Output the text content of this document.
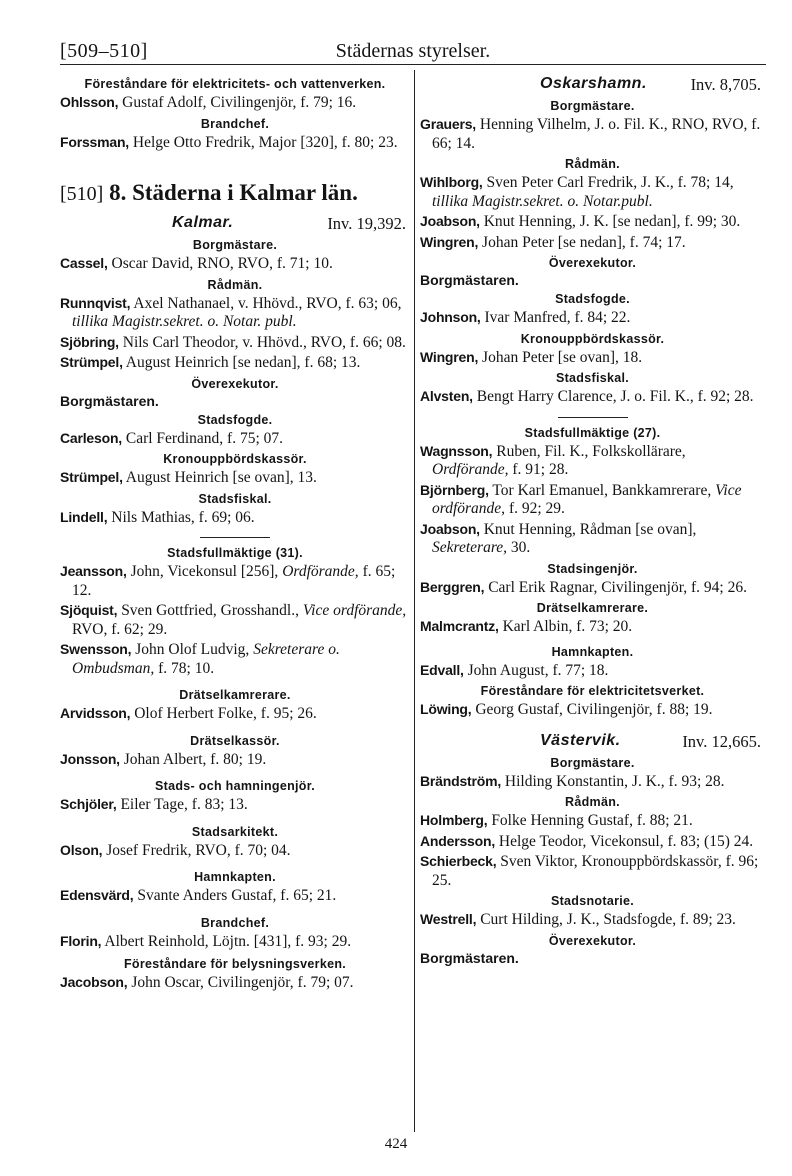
[509–510]	Städernas styrelser.
Föreståndare för elektricitets- och vattenverken.
Ohlsson, Gustaf Adolf, Civilingenjör, f. 79; 16.
Brandchef.
Forssman, Helge Otto Fredrik, Major [320], f. 80; 23.
[510] 8. Städerna i Kalmar län.
Kalmar.	Inv. 19,392.
Borgmästare.
Cassel, Oscar David, RNO, RVO, f. 71; 10.
Rådmän.
Runnqvist, Axel Nathanael, v. Hhövd., RVO, f. 63; 06, tillika Magistr.sekret. o. Notar. publ.
Sjöbring, Nils Carl Theodor, v. Hhövd., RVO, f. 66; 08.
Strümpel, August Heinrich [se nedan], f. 68; 13.
Överexekutor.
Borgmästaren.
Stadsfogde.
Carleson, Carl Ferdinand, f. 75; 07.
Kronouppbördskassör.
Strümpel, August Heinrich [se ovan], 13.
Stadsfiskal.
Lindell, Nils Mathias, f. 69; 06.
Stadsfullmäktige (31).
Jeansson, John, Vicekonsul [256], Ordförande, f. 65; 12.
Sjöquist, Sven Gottfried, Grosshandl., Vice ordförande, RVO, f. 62; 29.
Swensson, John Olof Ludvig, Sekreterare o. Ombudsman, f. 78; 10.
Drätselkamrerare.
Arvidsson, Olof Herbert Folke, f. 95; 26.
Drätselkassör.
Jonsson, Johan Albert, f. 80; 19.
Stads- och hamningenjör.
Schjöler, Eiler Tage, f. 83; 13.
Stadsarkitekt.
Olson, Josef Fredrik, RVO, f. 70; 04.
Hamnkapten.
Edensvärd, Svante Anders Gustaf, f. 65; 21.
Brandchef.
Florin, Albert Reinhold, Löjtn. [431], f. 93; 29.
Föreståndare för belysningsverken.
Jacobson, John Oscar, Civilingenjör, f. 79; 07.
Oskarshamn.	Inv. 8,705.
Borgmästare.
Grauers, Henning Vilhelm, J. o. Fil. K., RNO, RVO, f. 66; 14.
Rådmän.
Wihlborg, Sven Peter Carl Fredrik, J. K., f. 78; 14, tillika Magistr.sekret. o. Notar.publ.
Joabson, Knut Henning, J. K. [se nedan], f. 99; 30.
Wingren, Johan Peter [se nedan], f. 74; 17.
Överexekutor.
Borgmästaren.
Stadsfogde.
Johnson, Ivar Manfred, f. 84; 22.
Kronouppbördskassör.
Wingren, Johan Peter [se ovan], 18.
Stadsfiskal.
Alvsten, Bengt Harry Clarence, J. o. Fil. K., f. 92; 28.
Stadsfullmäktige (27).
Wagnsson, Ruben, Fil. K., Folkskollärare, Ordförande, f. 91; 28.
Björnberg, Tor Karl Emanuel, Bankkamrerare, Vice ordförande, f. 92; 29.
Joabson, Knut Henning, Rådman [se ovan], Sekreterare, 30.
Stadsingenjör.
Berggren, Carl Erik Ragnar, Civilingenjör, f. 94; 26.
Drätselkamrerare.
Malmcrantz, Karl Albin, f. 73; 20.
Hamnkapten.
Edvall, John August, f. 77; 18.
Föreståndare för elektricitetsverket.
Löwing, Georg Gustaf, Civilingenjör, f. 88; 19.
Västervik.	Inv. 12,665.
Borgmästare.
Brändström, Hilding Konstantin, J. K., f. 93; 28.
Rådmän.
Holmberg, Folke Henning Gustaf, f. 88; 21.
Andersson, Helge Teodor, Vicekonsul, f. 83; (15) 24.
Schierbeck, Sven Viktor, Kronouppbördskassör, f. 96; 25.
Stadsnotarie.
Westrell, Curt Hilding, J. K., Stadsfogde, f. 89; 23.
Överexekutor.
Borgmästaren.
424
